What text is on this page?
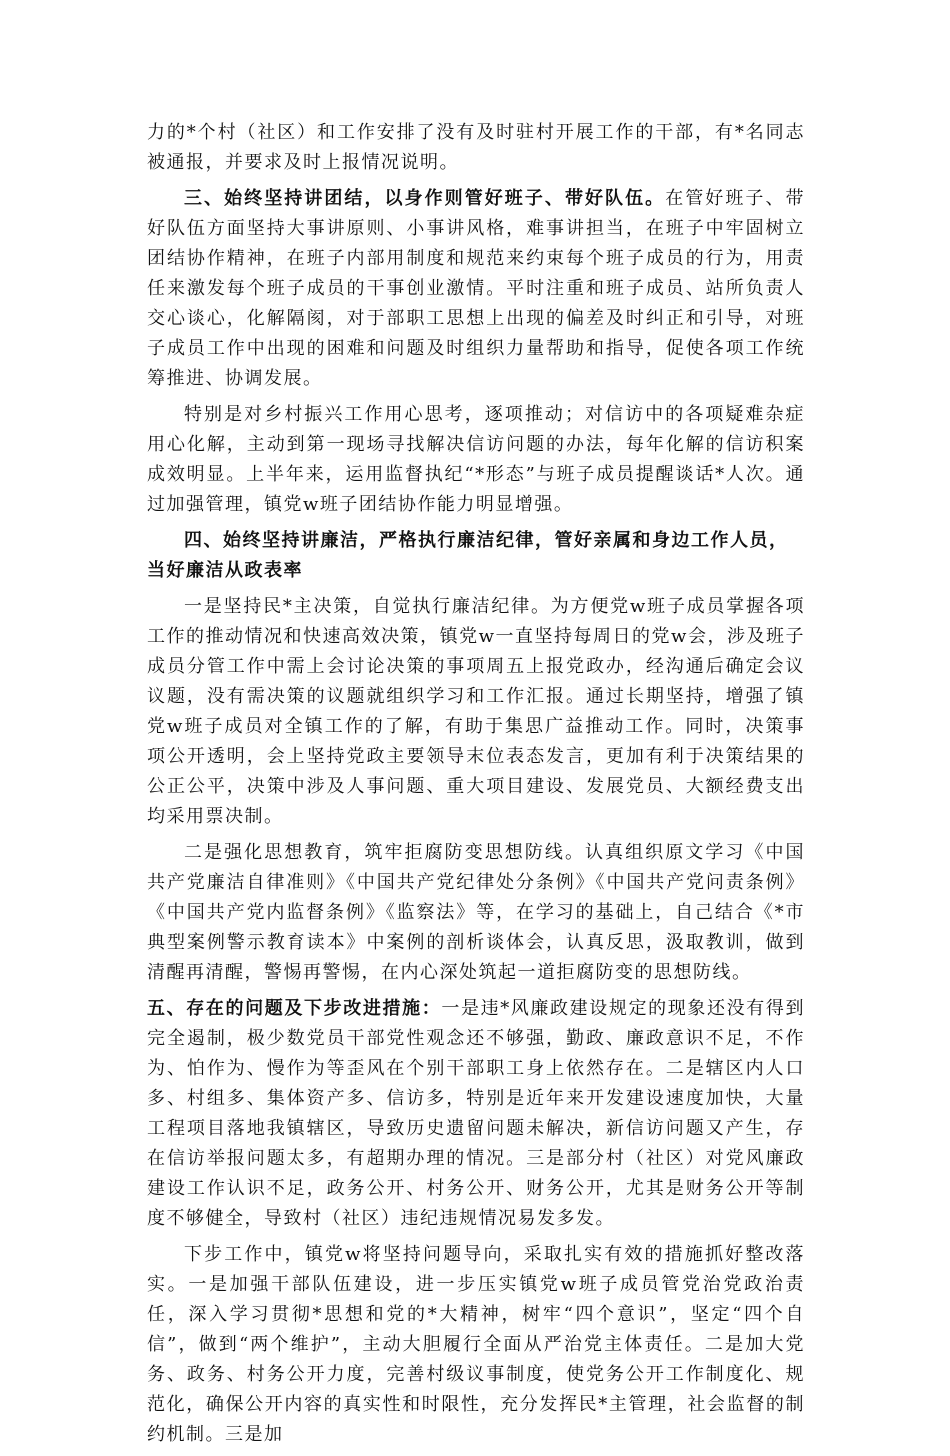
力的*个村（社区）和工作安排了没有及时驻村开展工作的干部，有*名同志被通报，并要求及时上报情况说明。

三、始终坚持讲团结，以身作则管好班子、带好队伍。在管好班子、带好队伍方面坚持大事讲原则、小事讲风格，难事讲担当，在班子中牢固树立团结协作精神，在班子内部用制度和规范来约束每个班子成员的行为，用责任来激发每个班子成员的干事创业激情。平时注重和班子成员、站所负责人交心谈心，化解隔阂，对于部职工思想上出现的偏差及时纠正和引导，对班子成员工作中出现的困难和问题及时组织力量帮助和指导，促使各项工作统筹推进、协调发展。

特别是对乡村振兴工作用心思考，逐项推动；对信访中的各项疑难杂症用心化解，主动到第一现场寻找解决信访问题的办法，每年化解的信访积案成效明显。上半年来，运用监督执纪“*形态”与班子成员提醒谈话*人次。通过加强管理，镇党w班子团结协作能力明显增强。

四、始终坚持讲廉洁，严格执行廉洁纪律，管好亲属和身边工作人员，当好廉洁从政表率

一是坚持民*主决策，自觉执行廉洁纪律。为方便党w班子成员掌握各项工作的推动情况和快速高效决策，镇党w一直坚持每周日的党w会，涉及班子成员分管工作中需上会讨论决策的事项周五上报党政办，经沟通后确定会议议题，没有需决策的议题就组织学习和工作汇报。通过长期坚持，增强了镇党w班子成员对全镇工作的了解，有助于集思广益推动工作。同时，决策事项公开透明，会上坚持党政主要领导末位表态发言，更加有利于决策结果的公正公平，决策中涉及人事问题、重大项目建设、发展党员、大额经费支出均采用票决制。

二是强化思想教育，筑牢拒腐防变思想防线。认真组织原文学习《中国共产党廉洁自律准则》《中国共产党纪律处分条例》《中国共产党问责条例》《中国共产党内监督条例》《监察法》等，在学习的基础上，自己结合《*市典型案例警示教育读本》中案例的剖析谈体会，认真反思，汲取教训，做到清醒再清醒，警惕再警惕，在内心深处筑起一道拒腐防变的思想防线。

五、存在的问题及下步改进措施：一是违*风廉政建设规定的现象还没有得到完全遏制，极少数党员干部党性观念还不够强，勤政、廉政意识不足，不作为、怕作为、慢作为等歪风在个别干部职工身上依然存在。二是辖区内人口多、村组多、集体资产多、信访多，特别是近年来开发建设速度加快，大量工程项目落地我镇辖区，导致历史遗留问题未解决，新信访问题又产生，存在信访举报问题太多，有超期办理的情况。三是部分村（社区）对党风廉政建设工作认识不足，政务公开、村务公开、财务公开，尤其是财务公开等制度不够健全，导致村（社区）违纪违规情况易发多发。

下步工作中，镇党w将坚持问题导向，采取扎实有效的措施抓好整改落实。一是加强干部队伍建设，进一步压实镇党w班子成员管党治党政治责任，深入学习贯彻*思想和党的*大精神，树牢“四个意识”，坚定“四个自信”，做到“两个维护”，主动大胆履行全面从严治党主体责任。二是加大党务、政务、村务公开力度，完善村级议事制度，使党务公开工作制度化、规范化，确保公开内容的真实性和时限性，充分发挥民*主管理，社会监督的制约机制。三是加
